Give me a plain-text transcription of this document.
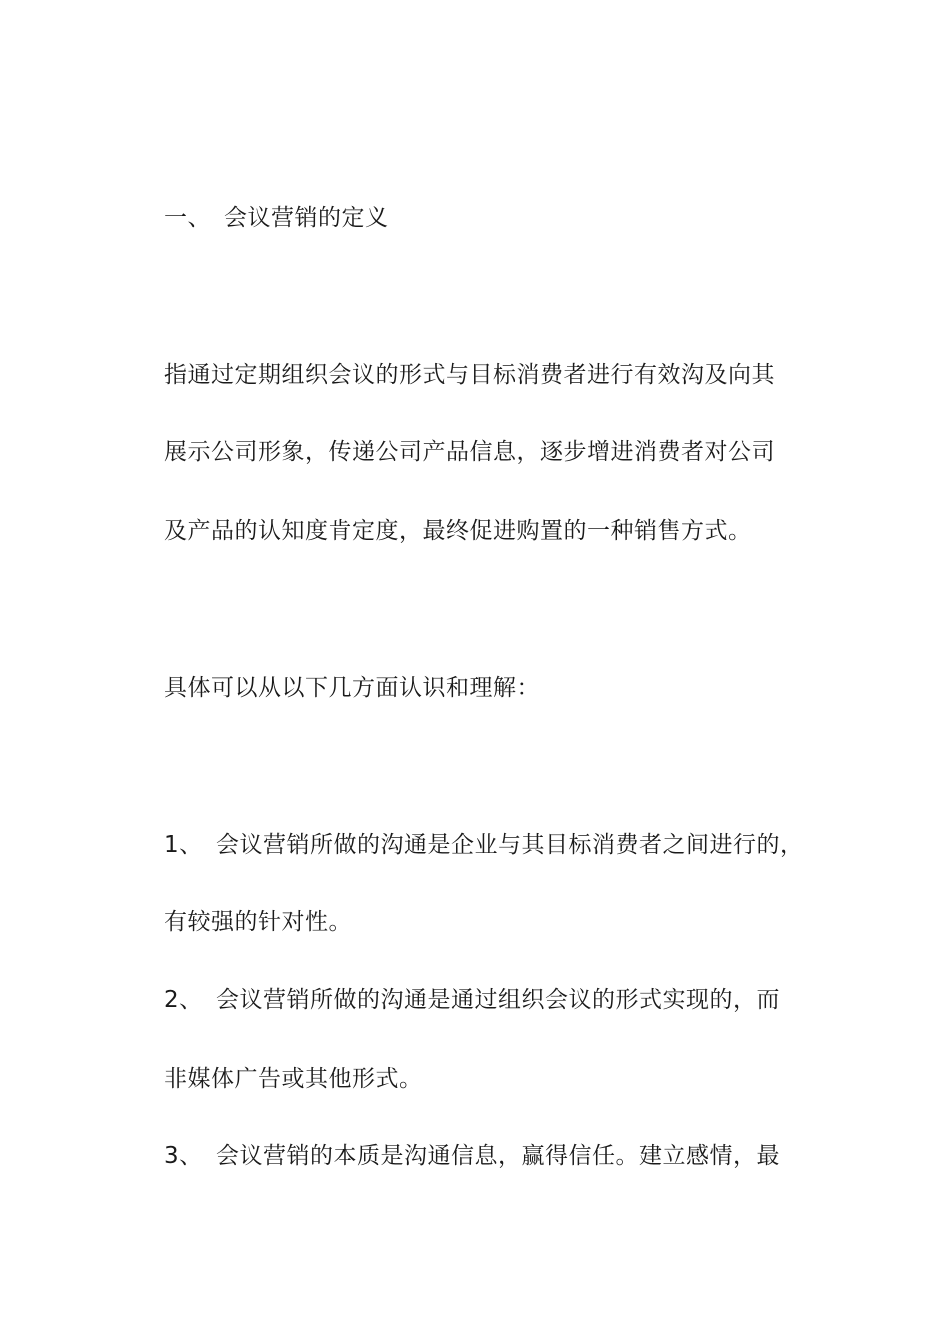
一、 会议营销的定义
指通过定期组织会议的形式与目标消费者进行有效沟及向其
展示公司形象，传递公司产品信息，逐步增进消费者对公司
及产品的认知度肯定度，最终促进购置的一种销售方式。
具体可以从以下几方面认识和理解：
1、 会议营销所做的沟通是企业与其目标消费者之间进行的，
有较强的针对性。
2、 会议营销所做的沟通是通过组织会议的形式实现的，而
非媒体广告或其他形式。
3、 会议营销的本质是沟通信息，赢得信任。建立感情，最
